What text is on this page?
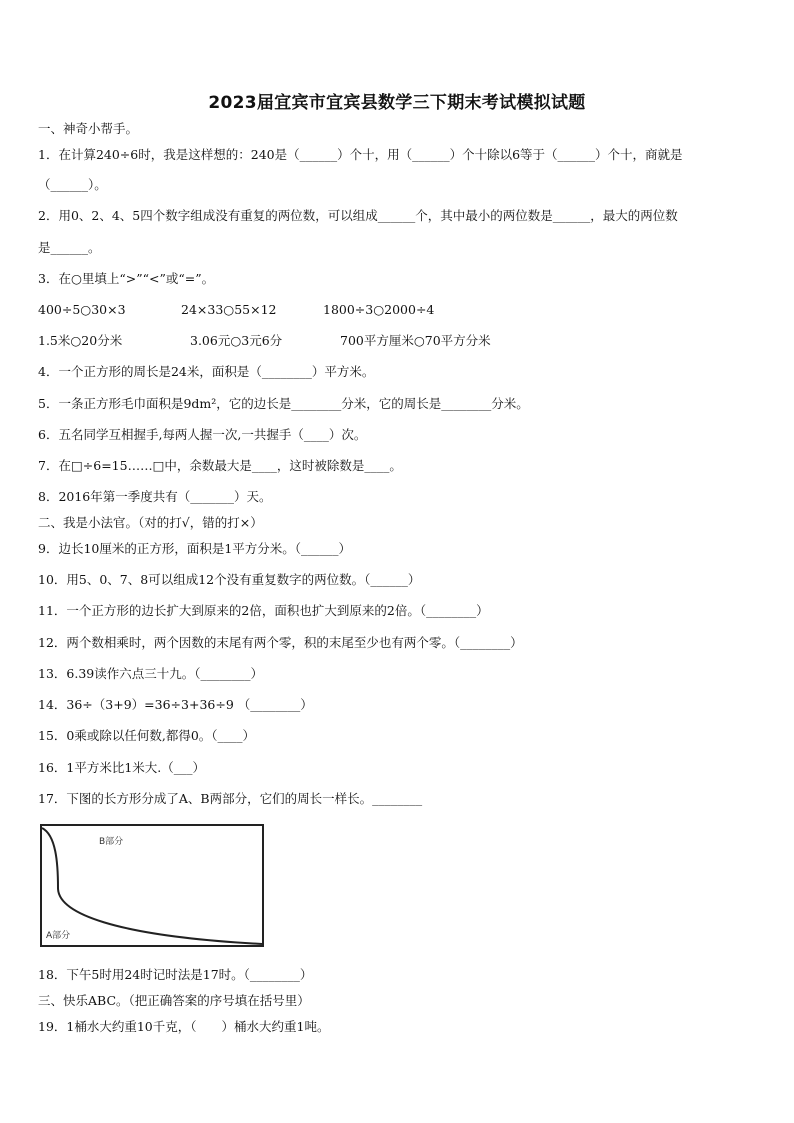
2023届宜宾市宜宾县数学三下期末考试模拟试题
一、神奇小帮手。
1．在计算240÷6时，我是这样想的：240是（______）个十，用（______）个十除以6等于（______）个十，商就是
（______）。
2．用0、2、4、5四个数字组成没有重复的两位数，可以组成______个，其中最小的两位数是______，最大的两位数
是______。
3．在○里填上“>”“<”或“=”。
400÷5○30×3	24×33○55×12	1800÷3○2000÷4
1.5米○20分米	3.06元○3元6分	700平方厘米○70平方分米
4．一个正方形的周长是24米，面积是（________）平方米。
5．一条正方形毛巾面积是9dm²，它的边长是________分米，它的周长是________分米。
6．五名同学互相握手,每两人握一次,一共握手（____）次。
7．在□÷6=15……□中，余数最大是____，这时被除数是____。
8．2016年第一季度共有（_______）天。
二、我是小法官。（对的打√，错的打×）
9．边长10厘米的正方形，面积是1平方分米。（______）
10．用5、0、7、8可以组成12个没有重复数字的两位数。（______）
11．一个正方形的边长扩大到原来的2倍，面积也扩大到原来的2倍。（________）
12．两个数相乘时，两个因数的末尾有两个零，积的末尾至少也有两个零。（________）
13．6.39读作六点三十九。（________）
14．36÷（3+9）=36÷3+36÷9 （________）
15．0乘或除以任何数,都得0。（____）
16．1平方米比1米大.（___）
17．下图的长方形分成了A、B两部分，它们的周长一样长。________
B部分
A部分
18．下午5时用24时记时法是17时。（________）
三、快乐ABC。（把正确答案的序号填在括号里）
19．1桶水大约重10千克，（　　）桶水大约重1吨。
